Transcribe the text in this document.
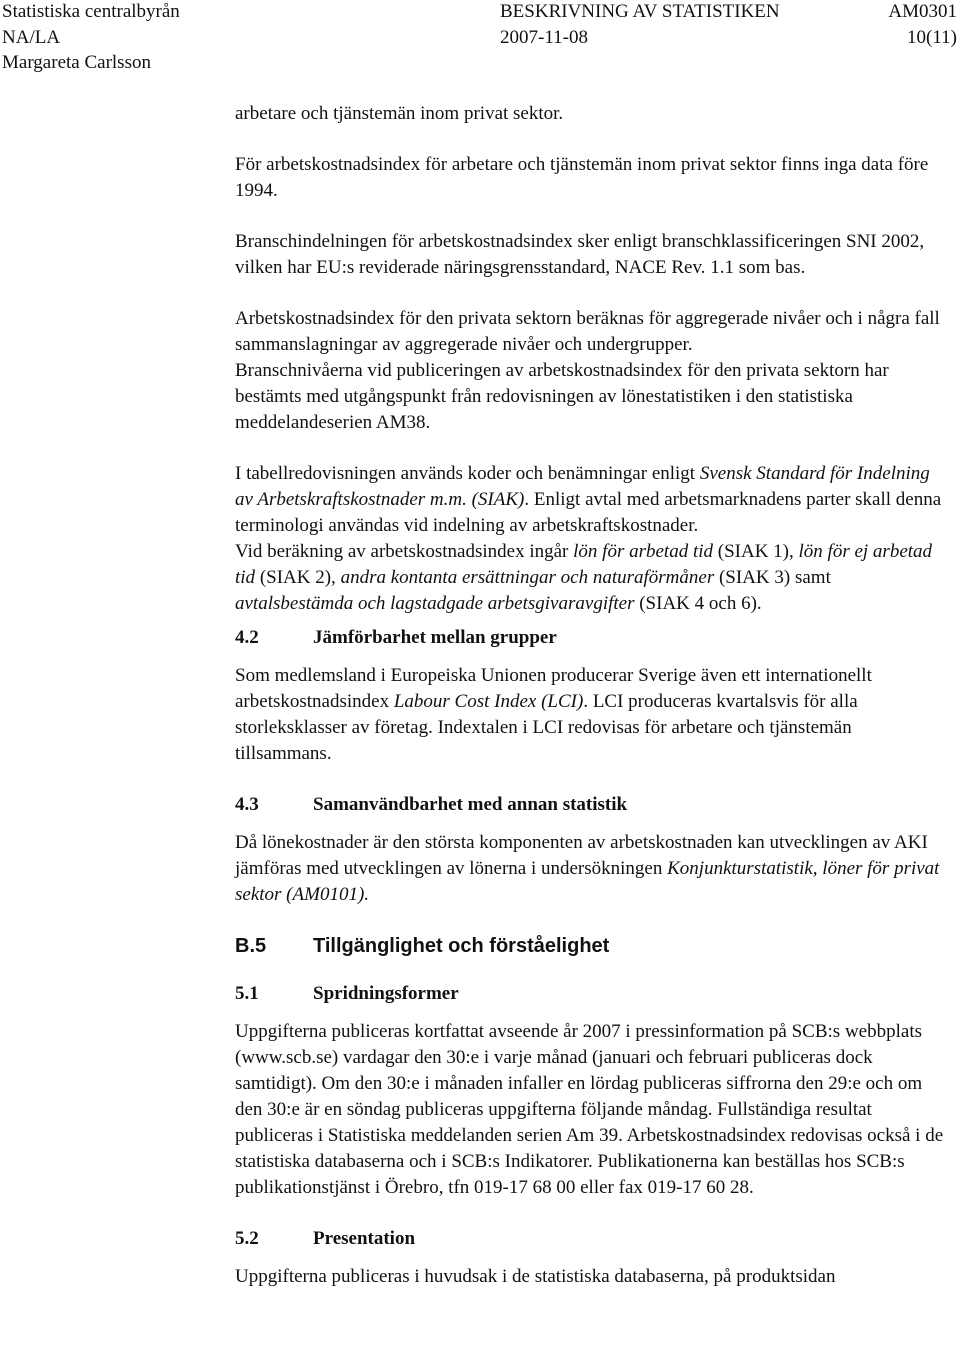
Statistiska centralbyrån	BESKRIVNING AV STATISTIKEN	AM0301
NA/LA	2007-11-08	10(11)
Margareta Carlsson

arbetare och tjänstemän inom privat sektor.

För arbetskostnadsindex för arbetare och tjänstemän inom privat sektor finns inga data före 1994.

Branschindelningen för arbetskostnadsindex sker enligt branschklassificeringen SNI 2002, vilken har EU:s reviderade näringsgrensstandard, NACE Rev. 1.1 som bas.

Arbetskostnadsindex för den privata sektorn beräknas för aggregerade nivåer och i några fall sammanslagningar av aggregerade nivåer och undergrupper.

Branschnivåerna vid publiceringen av arbetskostnadsindex för den privata sektorn har bestämts med utgångspunkt från redovisningen av lönestatistiken i den statistiska meddelandeserien AM38.

I tabellredovisningen används koder och benämningar enligt Svensk Standard för Indelning av Arbetskraftskostnader m.m. (SIAK). Enligt avtal med arbetsmarknadens parter skall denna terminologi användas vid indelning av arbetskraftskostnader.

Vid beräkning av arbetskostnadsindex ingår lön för arbetad tid (SIAK 1), lön för ej arbetad tid (SIAK 2), andra kontanta ersättningar och naturaförmåner (SIAK 3) samt avtalsbestämda och lagstadgade arbetsgivaravgifter (SIAK 4 och 6).

4.2	Jämförbarhet mellan grupper

Som medlemsland i Europeiska Unionen producerar Sverige även ett internationellt arbetskostnadsindex Labour Cost Index (LCI). LCI produceras kvartalsvis för alla storleksklasser av företag. Indextalen i LCI redovisas för arbetare och tjänstemän tillsammans.

4.3	Samanvändbarhet med annan statistik

Då lönekostnader är den största komponenten av arbetskostnaden kan utvecklingen av AKI jämföras med utvecklingen av lönerna i undersökningen Konjunkturstatistik, löner för privat sektor (AM0101).

B.5 Tillgänglighet och förståelighet
5.1	Spridningsformer

Uppgifterna publiceras kortfattat avseende år 2007 i pressinformation på SCB:s webbplats (www.scb.se) vardagar den 30:e i varje månad (januari och februari publiceras dock samtidigt). Om den 30:e i månaden infaller en lördag publiceras siffrorna den 29:e och om den 30:e är en söndag publiceras uppgifterna följande måndag. Fullständiga resultat publiceras i Statistiska meddelanden serien Am 39. Arbetskostnadsindex redovisas också i de statistiska databaserna och i SCB:s Indikatorer. Publikationerna kan beställas hos SCB:s publikationstjänst i Örebro, tfn 019-17 68 00 eller fax 019-17 60 28.

5.2	Presentation

Uppgifterna publiceras i huvudsak i de statistiska databaserna, på produktsidan
